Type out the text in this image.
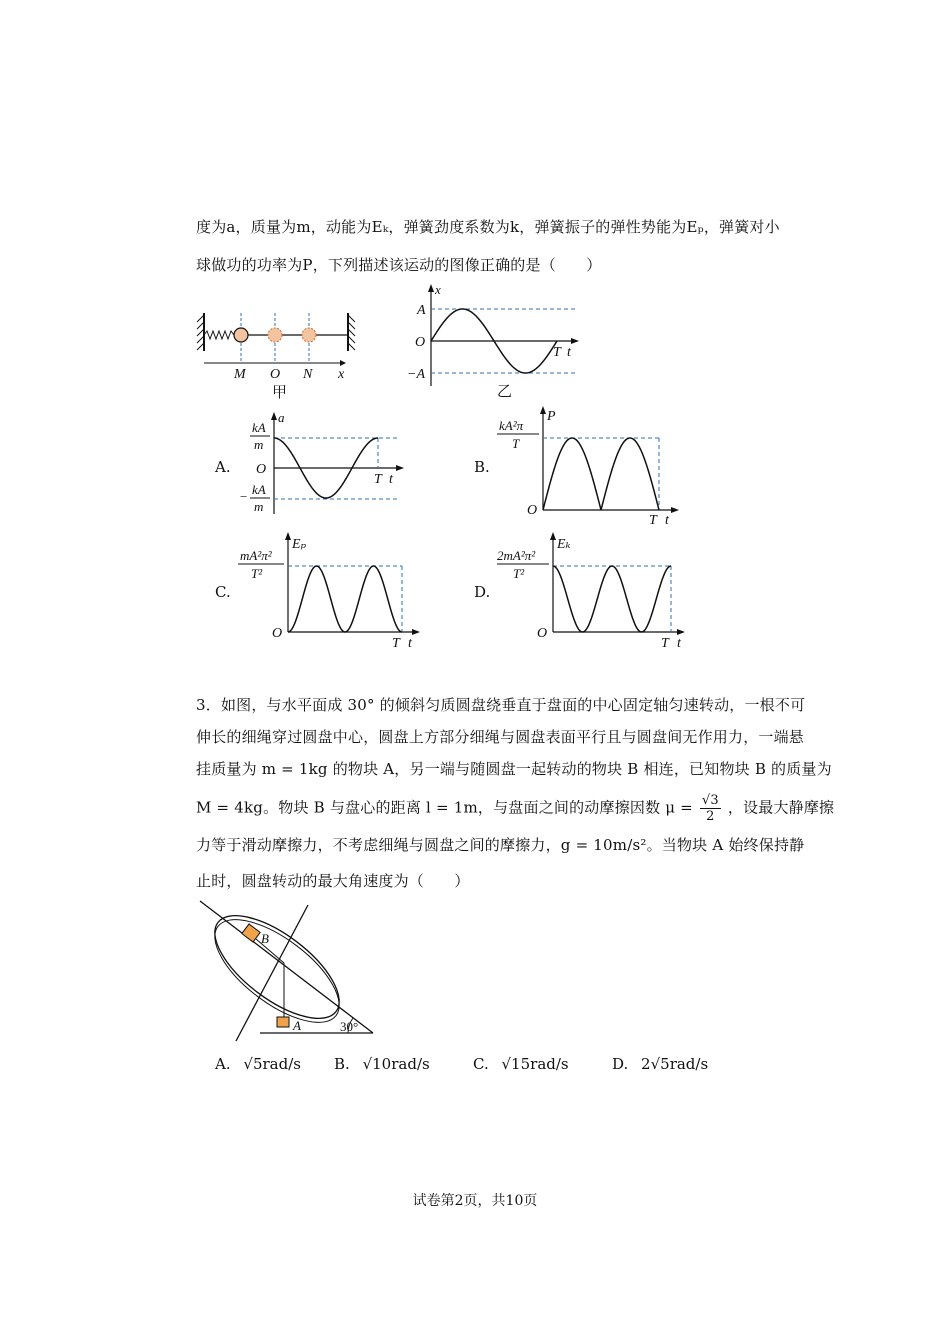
度为a，质量为m，动能为Eₖ，弹簧劲度系数为k，弹簧振子的弹性势能为Eₚ，弹簧对小
球做功的功率为P，下列描述该运动的图像正确的是（　　）
M O N x
甲
x
A
O
−A
T t
乙
A.
a
kA
m
O
− kA
m
T t
B.
P
kA²π
T
O
T t
C.
Eₚ
mA²π²
T²
O
T t
D.
Eₖ
2mA²π²
T²
O
T t
3．如图，与水平面成 30° 的倾斜匀质圆盘绕垂直于盘面的中心固定轴匀速转动，一根不可
伸长的细绳穿过圆盘中心，圆盘上方部分细绳与圆盘表面平行且与圆盘间无作用力，一端悬
挂质量为 m = 1kg 的物块 A，另一端与随圆盘一起转动的物块 B 相连，已知物块 B 的质量为
M = 4kg。物块 B 与盘心的距离 l = 1m，与盘面之间的动摩擦因数 $\mu = \frac{√3}{2}$ ，设最大静摩擦
力等于滑动摩擦力，不考虑细绳与圆盘之间的摩擦力，g = 10m/s²。当物块 A 始终保持静
止时，圆盘转动的最大角速度为（　　）
B
A	30°
A. √5rad/s B. √10rad/s	C. √15rad/s	D. 2√5rad/s
试卷第2页，共10页
